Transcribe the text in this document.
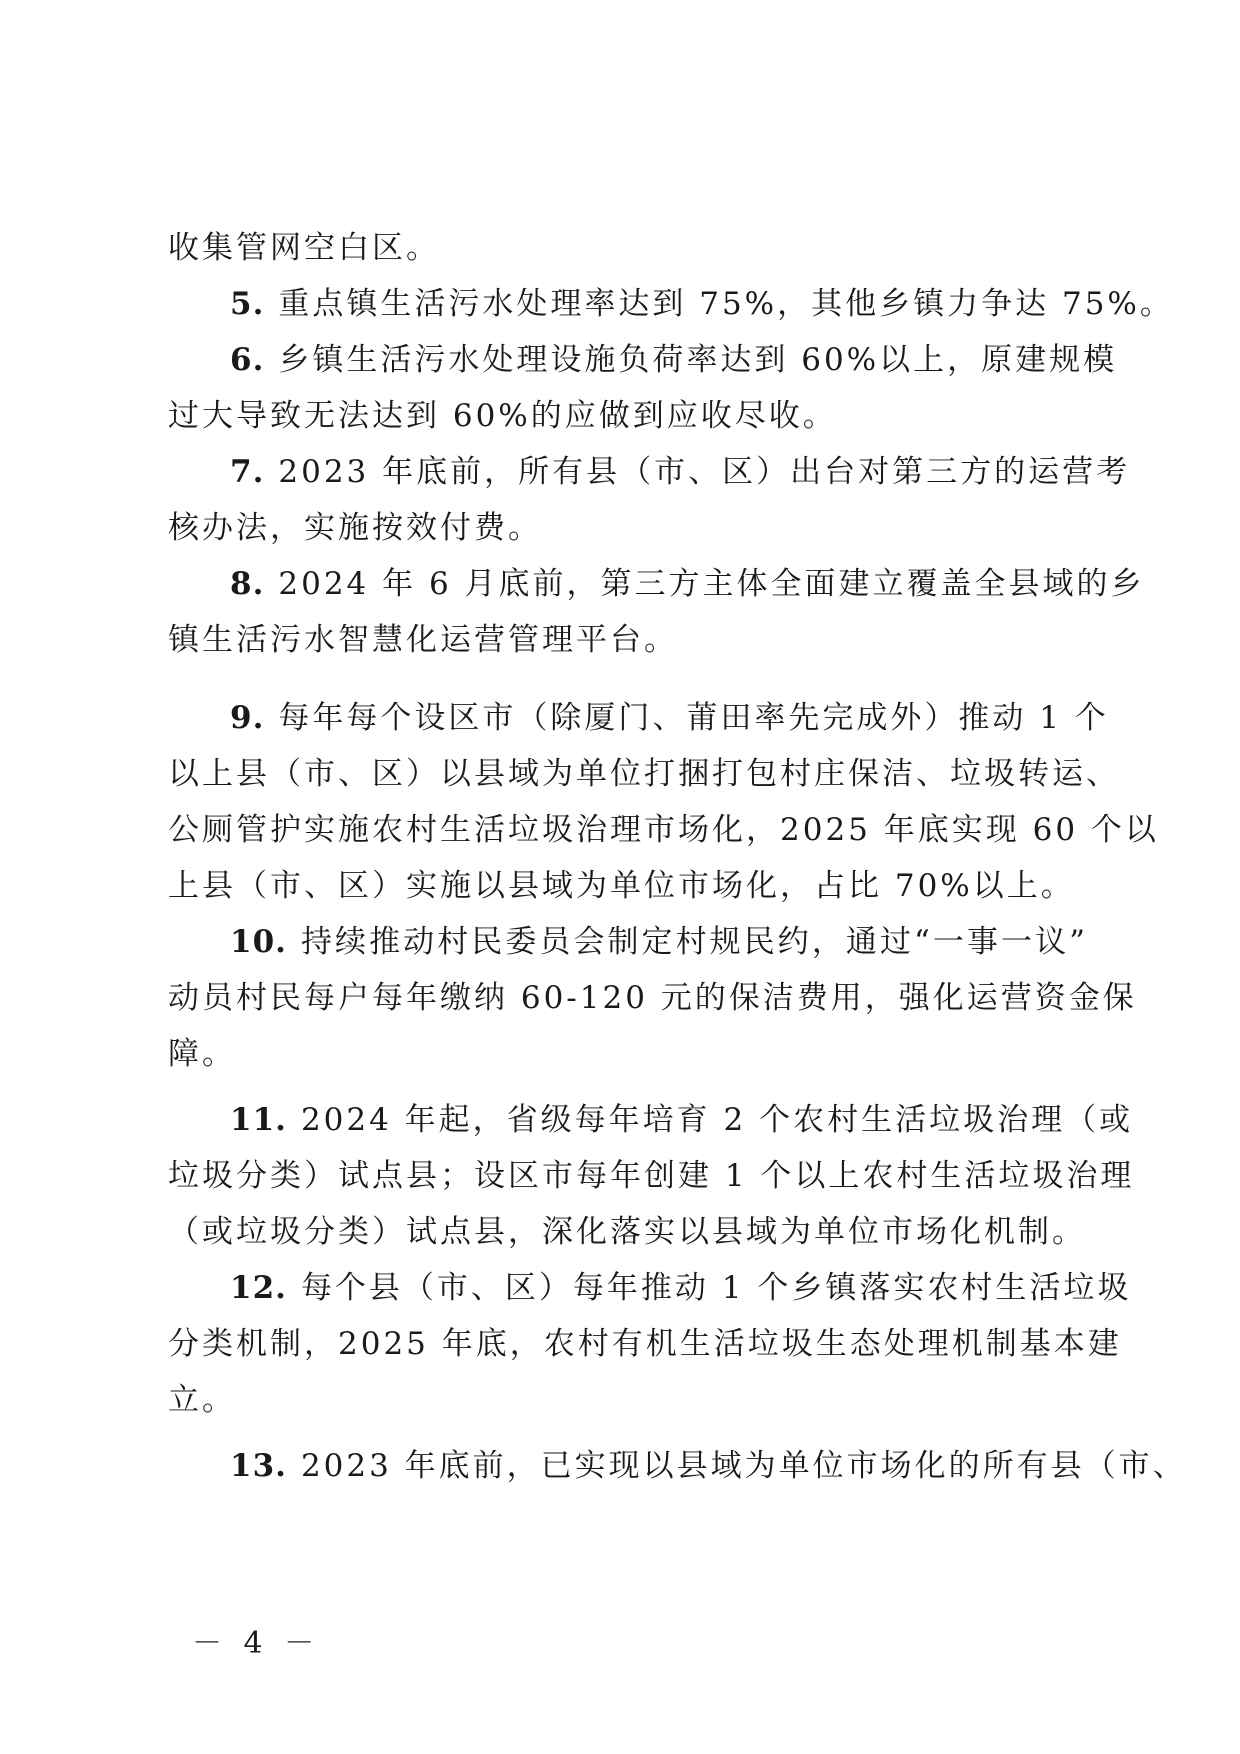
收集管网空白区。
5. 重点镇生活污水处理率达到 75%，其他乡镇力争达 75%。
6. 乡镇生活污水处理设施负荷率达到 60%以上，原建规模
过大导致无法达到 60%的应做到应收尽收。
7. 2023 年底前，所有县（市、区）出台对第三方的运营考
核办法，实施按效付费。
8. 2024 年 6 月底前，第三方主体全面建立覆盖全县域的乡
镇生活污水智慧化运营管理平台。
9. 每年每个设区市（除厦门、莆田率先完成外）推动 1 个
以上县（市、区）以县域为单位打捆打包村庄保洁、垃圾转运、
公厕管护实施农村生活垃圾治理市场化，2025 年底实现 60 个以
上县（市、区）实施以县域为单位市场化，占比 70%以上。
10. 持续推动村民委员会制定村规民约，通过“一事一议”
动员村民每户每年缴纳 60-120 元的保洁费用，强化运营资金保
障。
11. 2024 年起，省级每年培育 2 个农村生活垃圾治理（或
垃圾分类）试点县；设区市每年创建 1 个以上农村生活垃圾治理
（或垃圾分类）试点县，深化落实以县域为单位市场化机制。
12. 每个县（市、区）每年推动 1 个乡镇落实农村生活垃圾
分类机制，2025 年底，农村有机生活垃圾生态处理机制基本建
立。
13. 2023 年底前，已实现以县域为单位市场化的所有县（市、
－ 4 －
